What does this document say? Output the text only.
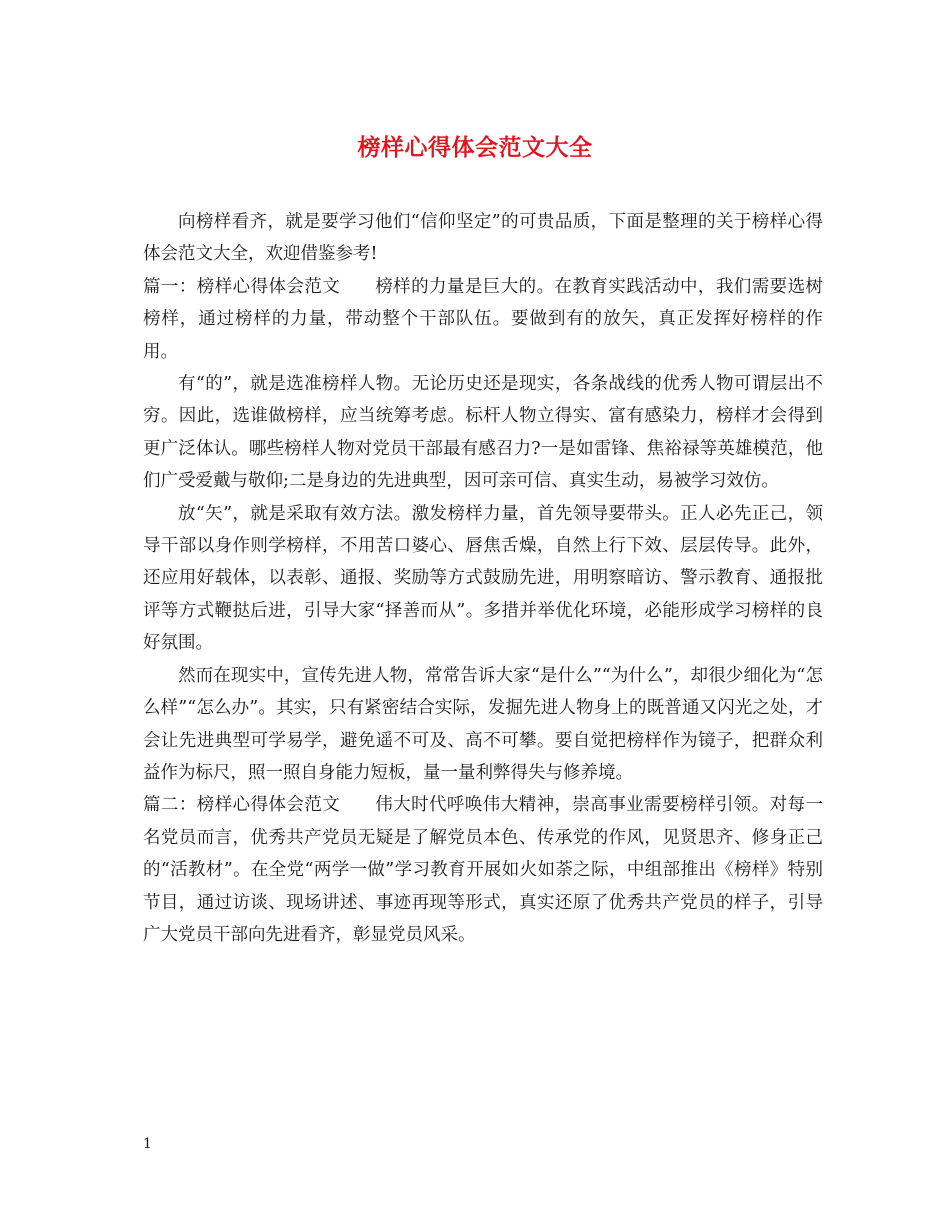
榜样心得体会范文大全

向榜样看齐，就是要学习他们“信仰坚定”的可贵品质，下面是整理的关于榜样心得体会范文大全，欢迎借鉴参考!

篇一：榜样心得体会范文 榜样的力量是巨大的。在教育实践活动中，我们需要选树榜样，通过榜样的力量，带动整个干部队伍。要做到有的放矢，真正发挥好榜样的作用。

有“的”，就是选准榜样人物。无论历史还是现实，各条战线的优秀人物可谓层出不穷。因此，选谁做榜样，应当统筹考虑。标杆人物立得实、富有感染力，榜样才会得到更广泛体认。哪些榜样人物对党员干部最有感召力?一是如雷锋、焦裕禄等英雄模范，他们广受爱戴与敬仰;二是身边的先进典型，因可亲可信、真实生动，易被学习效仿。

放“矢”，就是采取有效方法。激发榜样力量，首先领导要带头。正人必先正己，领导干部以身作则学榜样，不用苦口婆心、唇焦舌燥，自然上行下效、层层传导。此外，还应用好载体，以表彰、通报、奖励等方式鼓励先进，用明察暗访、警示教育、通报批评等方式鞭挞后进，引导大家“择善而从”。多措并举优化环境，必能形成学习榜样的良好氛围。

然而在现实中，宣传先进人物，常常告诉大家“是什么”“为什么”，却很少细化为“怎么样”“怎么办”。其实，只有紧密结合实际，发掘先进人物身上的既普通又闪光之处，才会让先进典型可学易学，避免遥不可及、高不可攀。要自觉把榜样作为镜子，把群众利益作为标尺，照一照自身能力短板，量一量利弊得失与修养境。

篇二：榜样心得体会范文 伟大时代呼唤伟大精神，崇高事业需要榜样引领。对每一名党员而言，优秀共产党员无疑是了解党员本色、传承党的作风，见贤思齐、修身正己的“活教材”。在全党“两学一做”学习教育开展如火如荼之际，中组部推出《榜样》特别节目，通过访谈、现场讲述、事迹再现等形式，真实还原了优秀共产党员的样子，引导广大党员干部向先进看齐，彰显党员风采。

1
